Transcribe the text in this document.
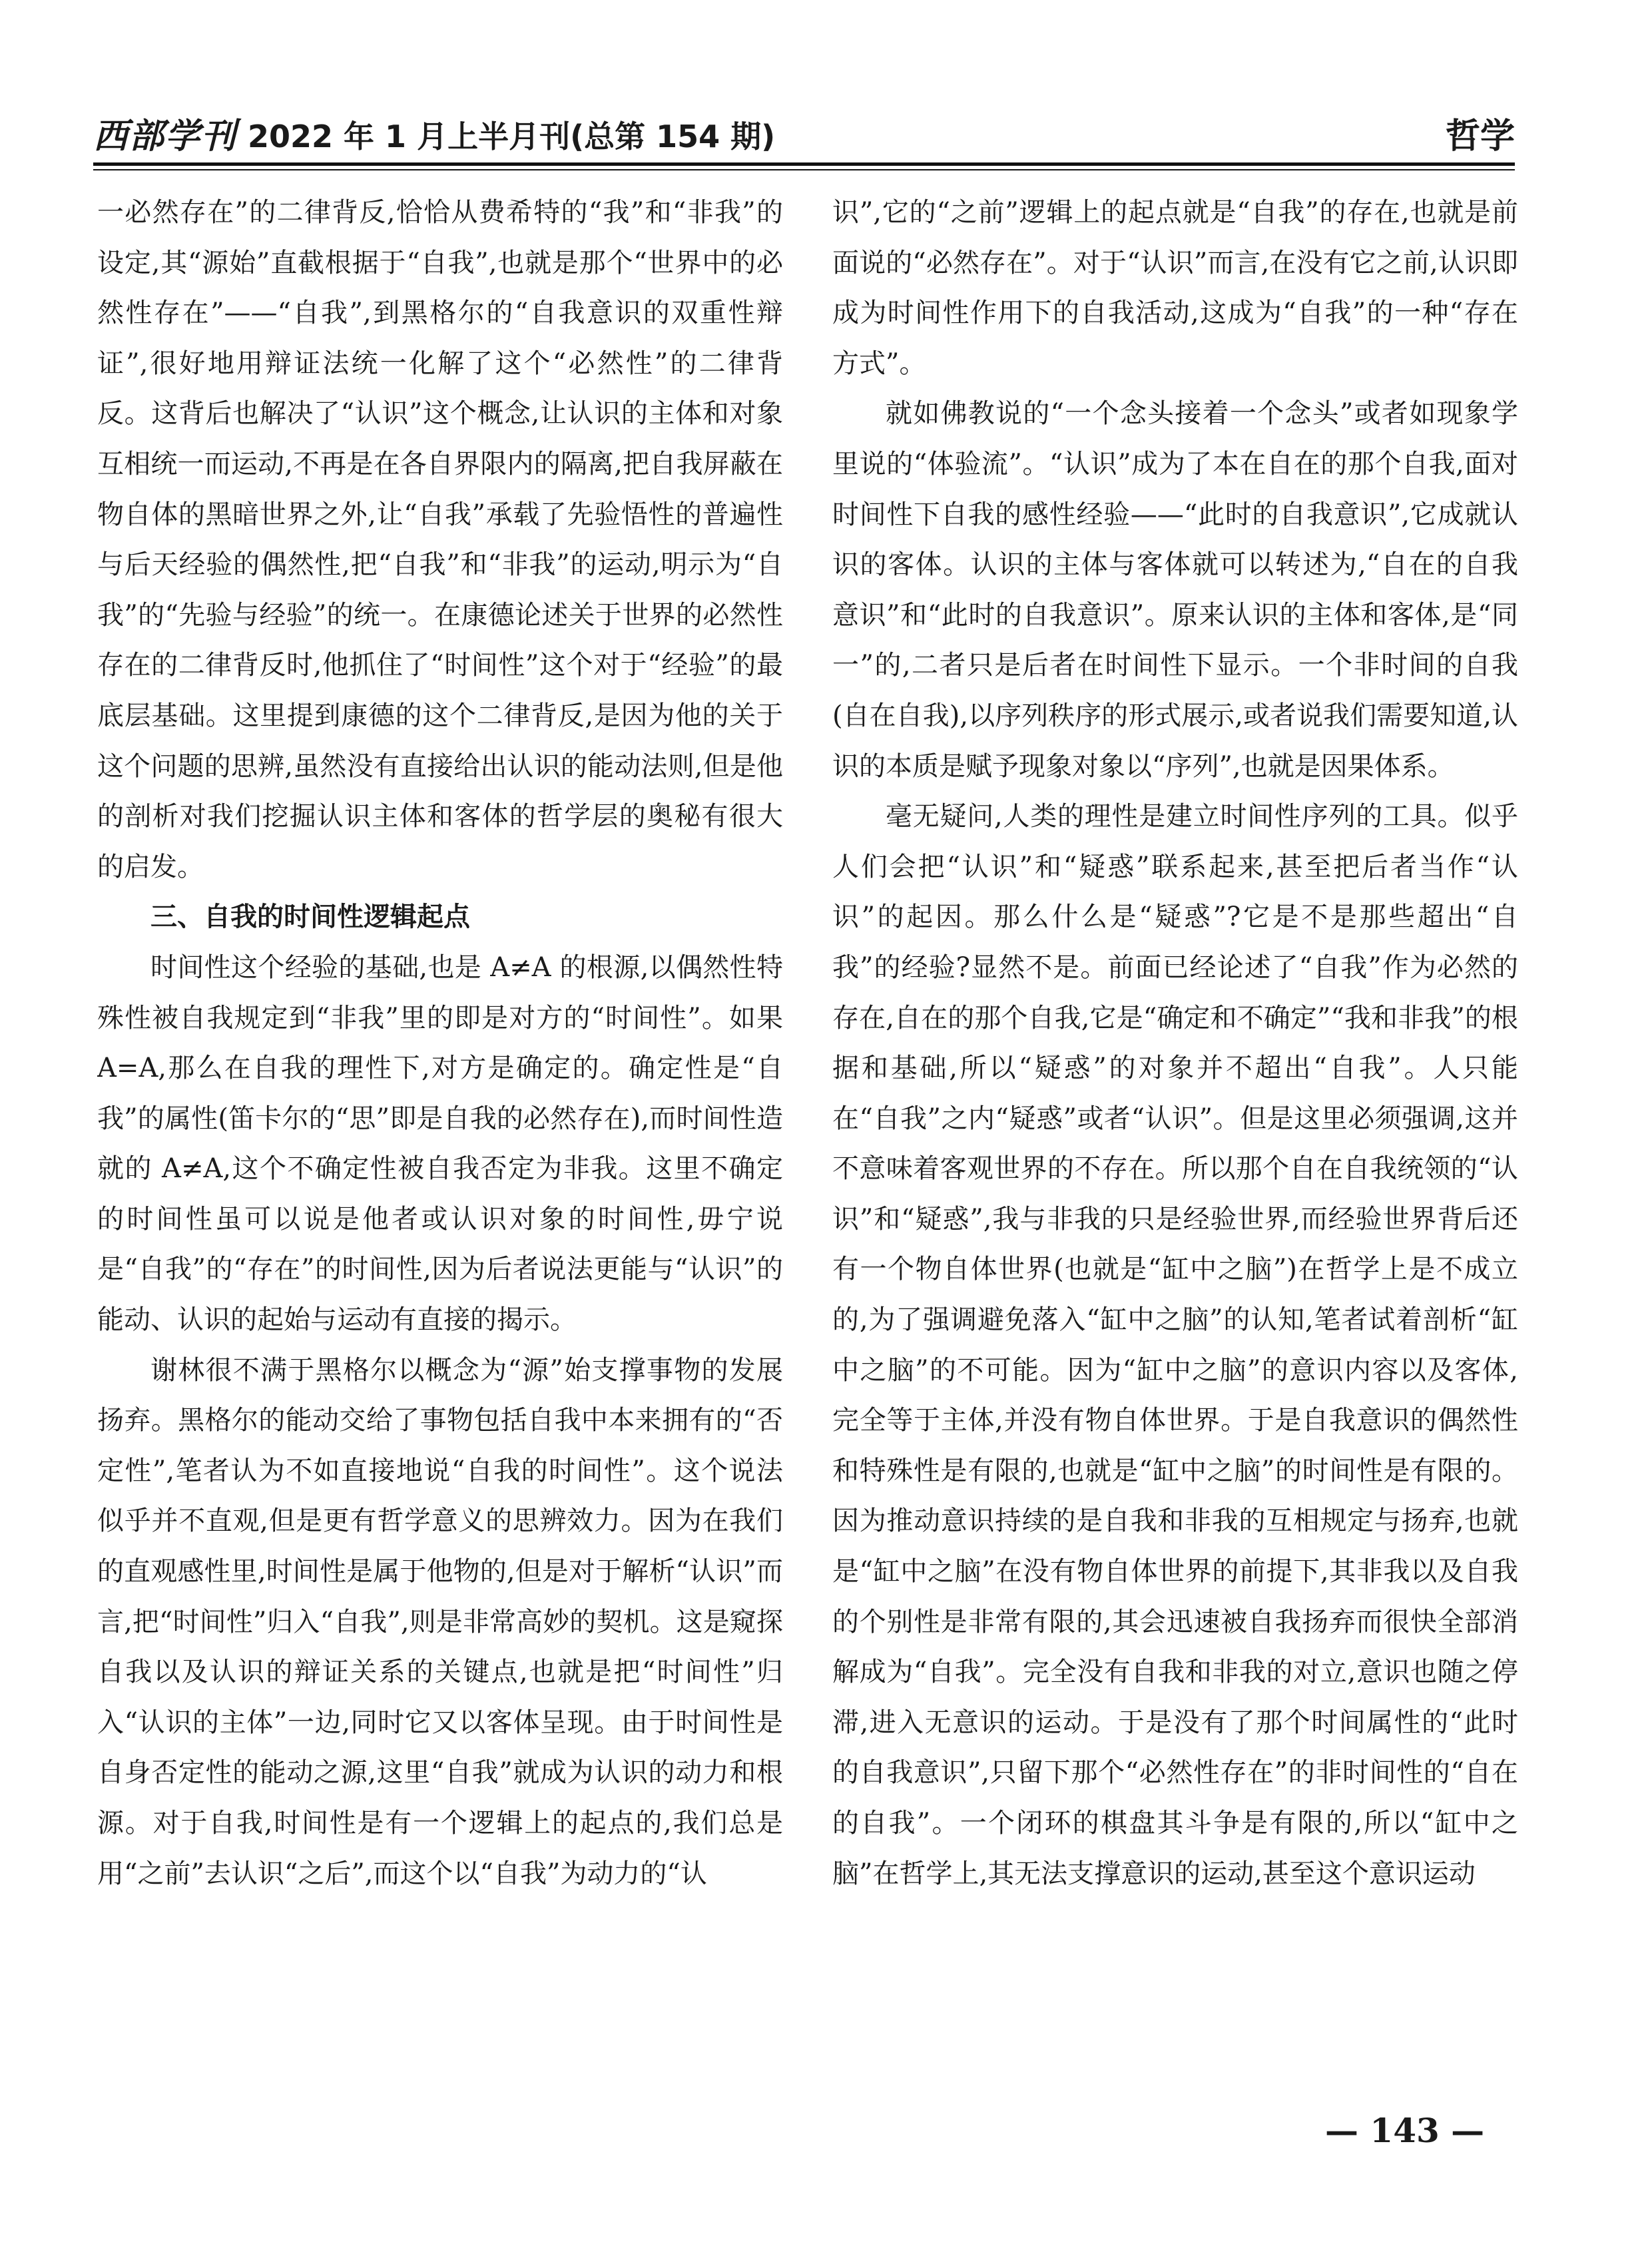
西部学刊 2022 年 1 月上半月刊(总第 154 期)	哲学

一必然存在”的二律背反,恰恰从费希特的“我”和“非我”的设定,其“源始”直截根据于“自我”,也就是那个“世界中的必然性存在”——“自我”,到黑格尔的“自我意识的双重性辩证”,很好地用辩证法统一化解了这个“必然性”的二律背反。这背后也解决了“认识”这个概念,让认识的主体和对象互相统一而运动,不再是在各自界限内的隔离,把自我屏蔽在物自体的黑暗世界之外,让“自我”承载了先验悟性的普遍性与后天经验的偶然性,把“自我”和“非我”的运动,明示为“自我”的“先验与经验”的统一。在康德论述关于世界的必然性存在的二律背反时,他抓住了“时间性”这个对于“经验”的最底层基础。这里提到康德的这个二律背反,是因为他的关于这个问题的思辨,虽然没有直接给出认识的能动法则,但是他的剖析对我们挖掘认识主体和客体的哲学层的奥秘有很大的启发。

三、自我的时间性逻辑起点

时间性这个经验的基础,也是 A≠A 的根源,以偶然性特殊性被自我规定到“非我”里的即是对方的“时间性”。如果 A=A,那么在自我的理性下,对方是确定的。确定性是“自我”的属性(笛卡尔的“思”即是自我的必然存在),而时间性造就的 A≠A,这个不确定性被自我否定为非我。这里不确定的时间性虽可以说是他者或认识对象的时间性,毋宁说是“自我”的“存在”的时间性,因为后者说法更能与“认识”的能动、认识的起始与运动有直接的揭示。

谢林很不满于黑格尔以概念为“源”始支撑事物的发展扬弃。黑格尔的能动交给了事物包括自我中本来拥有的“否定性”,笔者认为不如直接地说“自我的时间性”。这个说法似乎并不直观,但是更有哲学意义的思辨效力。因为在我们的直观感性里,时间性是属于他物的,但是对于解析“认识”而言,把“时间性”归入“自我”,则是非常高妙的契机。这是窥探自我以及认识的辩证关系的关键点,也就是把“时间性”归入“认识的主体”一边,同时它又以客体呈现。由于时间性是自身否定性的能动之源,这里“自我”就成为认识的动力和根源。对于自我,时间性是有一个逻辑上的起点的,我们总是用“之前”去认识“之后”,而这个以“自我”为动力的“认

识”,它的“之前”逻辑上的起点就是“自我”的存在,也就是前面说的“必然存在”。对于“认识”而言,在没有它之前,认识即成为时间性作用下的自我活动,这成为“自我”的一种“存在方式”。

就如佛教说的“一个念头接着一个念头”或者如现象学里说的“体验流”。“认识”成为了本在自在的那个自我,面对时间性下自我的感性经验——“此时的自我意识”,它成就认识的客体。认识的主体与客体就可以转述为,“自在的自我意识”和“此时的自我意识”。原来认识的主体和客体,是“同一”的,二者只是后者在时间性下显示。一个非时间的自我(自在自我),以序列秩序的形式展示,或者说我们需要知道,认识的本质是赋予现象对象以“序列”,也就是因果体系。

毫无疑问,人类的理性是建立时间性序列的工具。似乎人们会把“认识”和“疑惑”联系起来,甚至把后者当作“认识”的起因。那么什么是“疑惑”?它是不是那些超出“自我”的经验?显然不是。前面已经论述了“自我”作为必然的存在,自在的那个自我,它是“确定和不确定”“我和非我”的根据和基础,所以“疑惑”的对象并不超出“自我”。人只能在“自我”之内“疑惑”或者“认识”。但是这里必须强调,这并不意味着客观世界的不存在。所以那个自在自我统领的“认识”和“疑惑”,我与非我的只是经验世界,而经验世界背后还有一个物自体世界(也就是“缸中之脑”)在哲学上是不成立的,为了强调避免落入“缸中之脑”的认知,笔者试着剖析“缸中之脑”的不可能。因为“缸中之脑”的意识内容以及客体,完全等于主体,并没有物自体世界。于是自我意识的偶然性和特殊性是有限的,也就是“缸中之脑”的时间性是有限的。因为推动意识持续的是自我和非我的互相规定与扬弃,也就是“缸中之脑”在没有物自体世界的前提下,其非我以及自我的个别性是非常有限的,其会迅速被自我扬弃而很快全部消解成为“自我”。完全没有自我和非我的对立,意识也随之停滞,进入无意识的运动。于是没有了那个时间属性的“此时的自我意识”,只留下那个“必然性存在”的非时间性的“自在的自我”。一个闭环的棋盘其斗争是有限的,所以“缸中之脑”在哲学上,其无法支撑意识的运动,甚至这个意识运动

— 143 —
